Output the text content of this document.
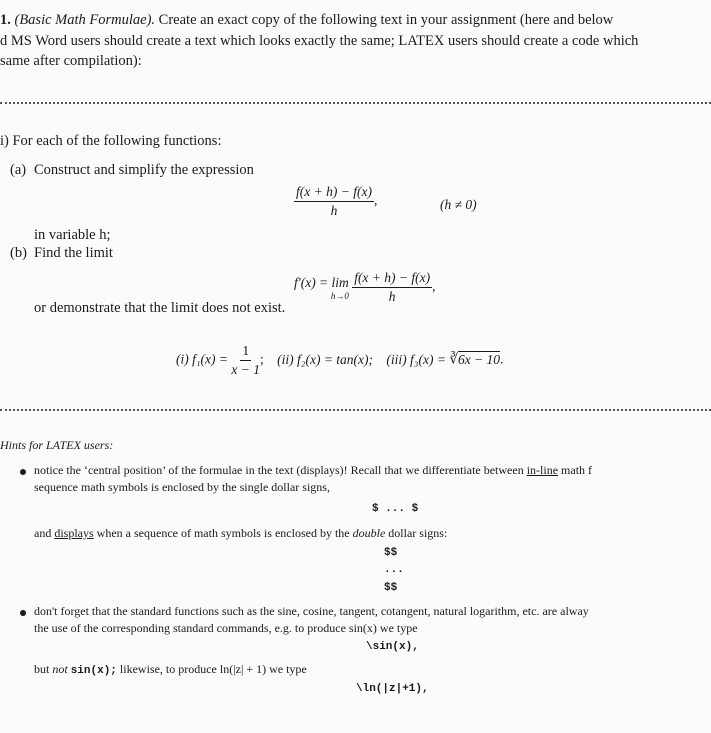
1. (Basic Math Formulae). Create an exact copy of the following text in your assignment (here and below
d MS Word users should create a text which looks exactly the same; LATEX users should create a code which
same after compilation):
i) For each of the following functions:
(a) Construct and simplify the expression
$\frac{f(x + h) - f(x)}{h}$ ,	(h ≠ 0)
in variable h;
(b) Find the limit
f′(x) = lim
h→0
$\frac{f(x + h) - f(x)}{h}$ ,
or demonstrate that the limit does not exist.
(i) $f_1(x) = \frac{1}{x - 1}$ ; (ii) f₂(x) = tan(x); (iii) f₃(x) = ∛6x − 10.
Hints for LATEX users:
notice the ‘central position’ of the formulae in the text (displays)! Recall that we differentiate between in-line math f
sequence math symbols is enclosed by the single dollar signs,
$ ... $
and displays when a sequence of math symbols is enclosed by the double dollar signs:
$$
...
$$
don't forget that the standard functions such as the sine, cosine, tangent, cotangent, natural logarithm, etc. are alway
the use of the corresponding standard commands, e.g. to produce sin(x) we type
\sin(x),
but not sin(x); likewise, to produce ln(|z| + 1) we type
\ln(|z|+1),
